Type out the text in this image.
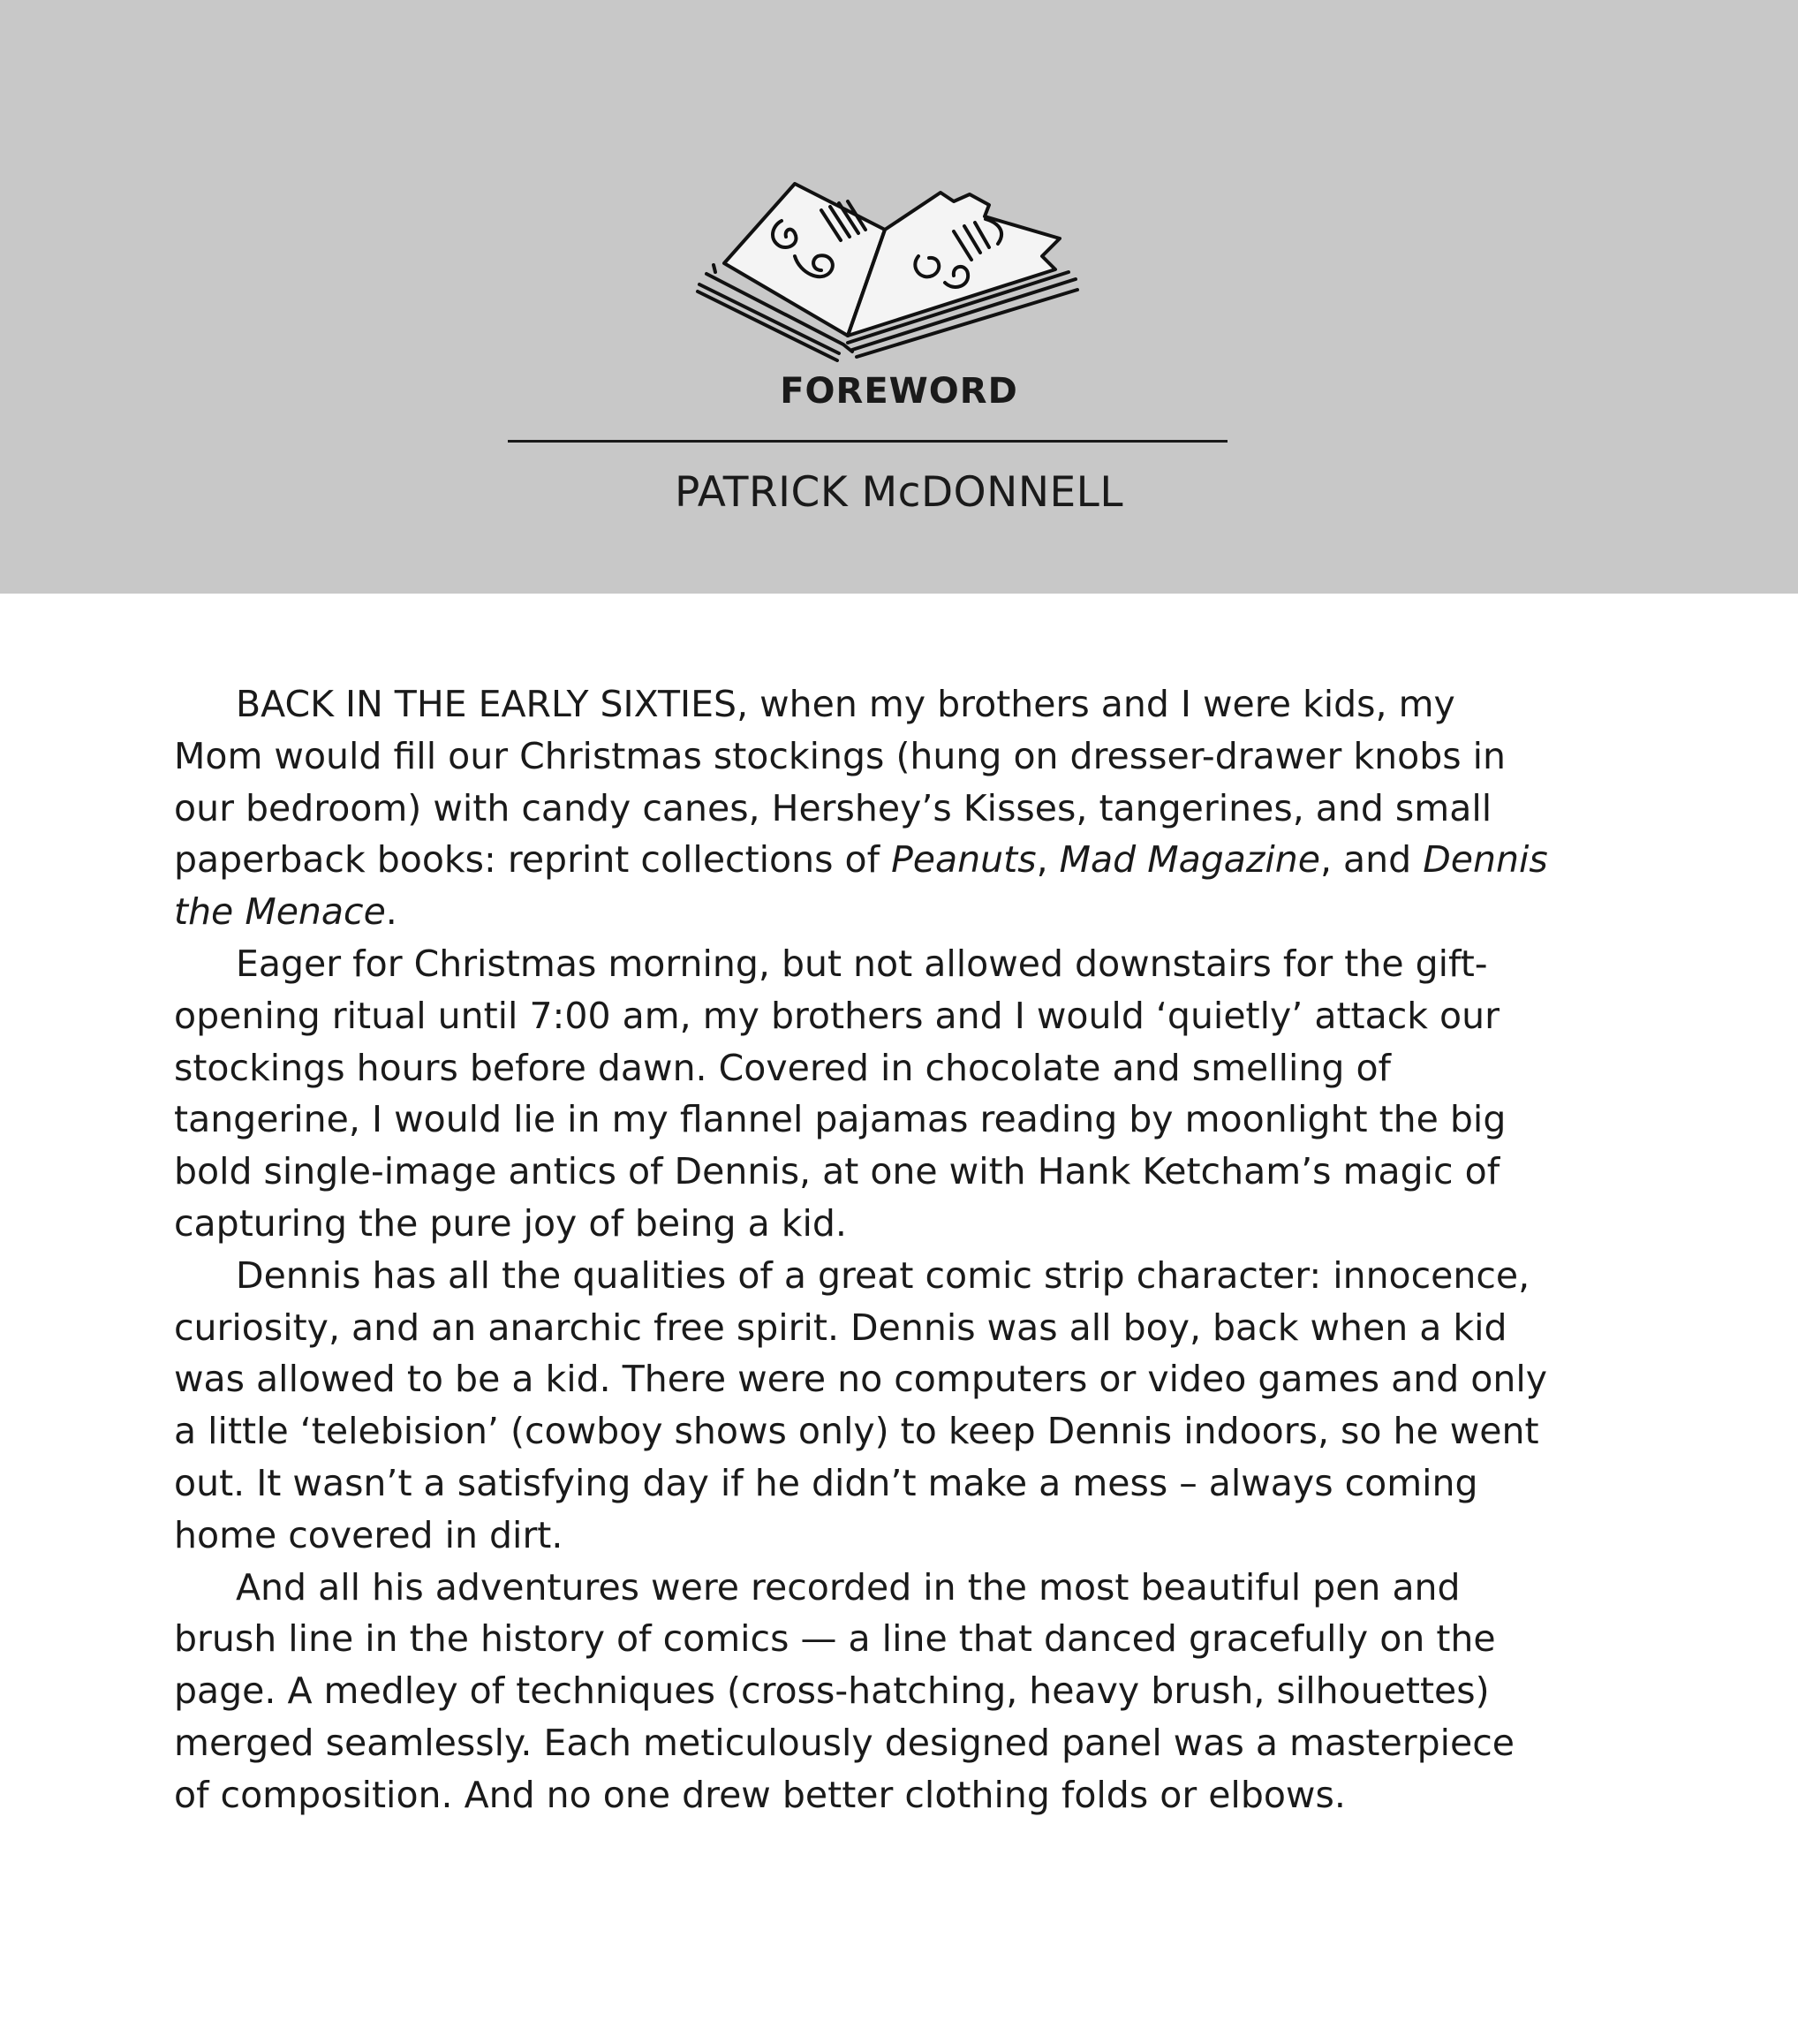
FOREWORD
PATRICK McDONNELL

BACK IN THE EARLY SIXTIES, when my brothers and I were kids, my Mom would fill our Christmas stockings (hung on dresser-drawer knobs in our bedroom) with candy canes, Hershey’s Kisses, tangerines, and small paperback books: reprint collections of Peanuts, Mad Magazine, and Dennis the Menace.

Eager for Christmas morning, but not allowed downstairs for the gift-opening ritual until 7:00 am, my brothers and I would ‘quietly’ attack our stockings hours before dawn. Covered in chocolate and smelling of tangerine, I would lie in my flannel pajamas reading by moonlight the big bold single-image antics of Dennis, at one with Hank Ketcham’s magic of capturing the pure joy of being a kid.

Dennis has all the qualities of a great comic strip character: innocence, curiosity, and an anarchic free spirit. Dennis was all boy, back when a kid was allowed to be a kid. There were no computers or video games and only a little ‘telebision’ (cowboy shows only) to keep Dennis indoors, so he went out. It wasn’t a satisfying day if he didn’t make a mess – always coming home covered in dirt.

And all his adventures were recorded in the most beautiful pen and brush line in the history of comics — a line that danced gracefully on the page. A medley of techniques (cross-hatching, heavy brush, silhouettes) merged seamlessly. Each meticulously designed panel was a masterpiece of composition. And no one drew better clothing folds or elbows.
